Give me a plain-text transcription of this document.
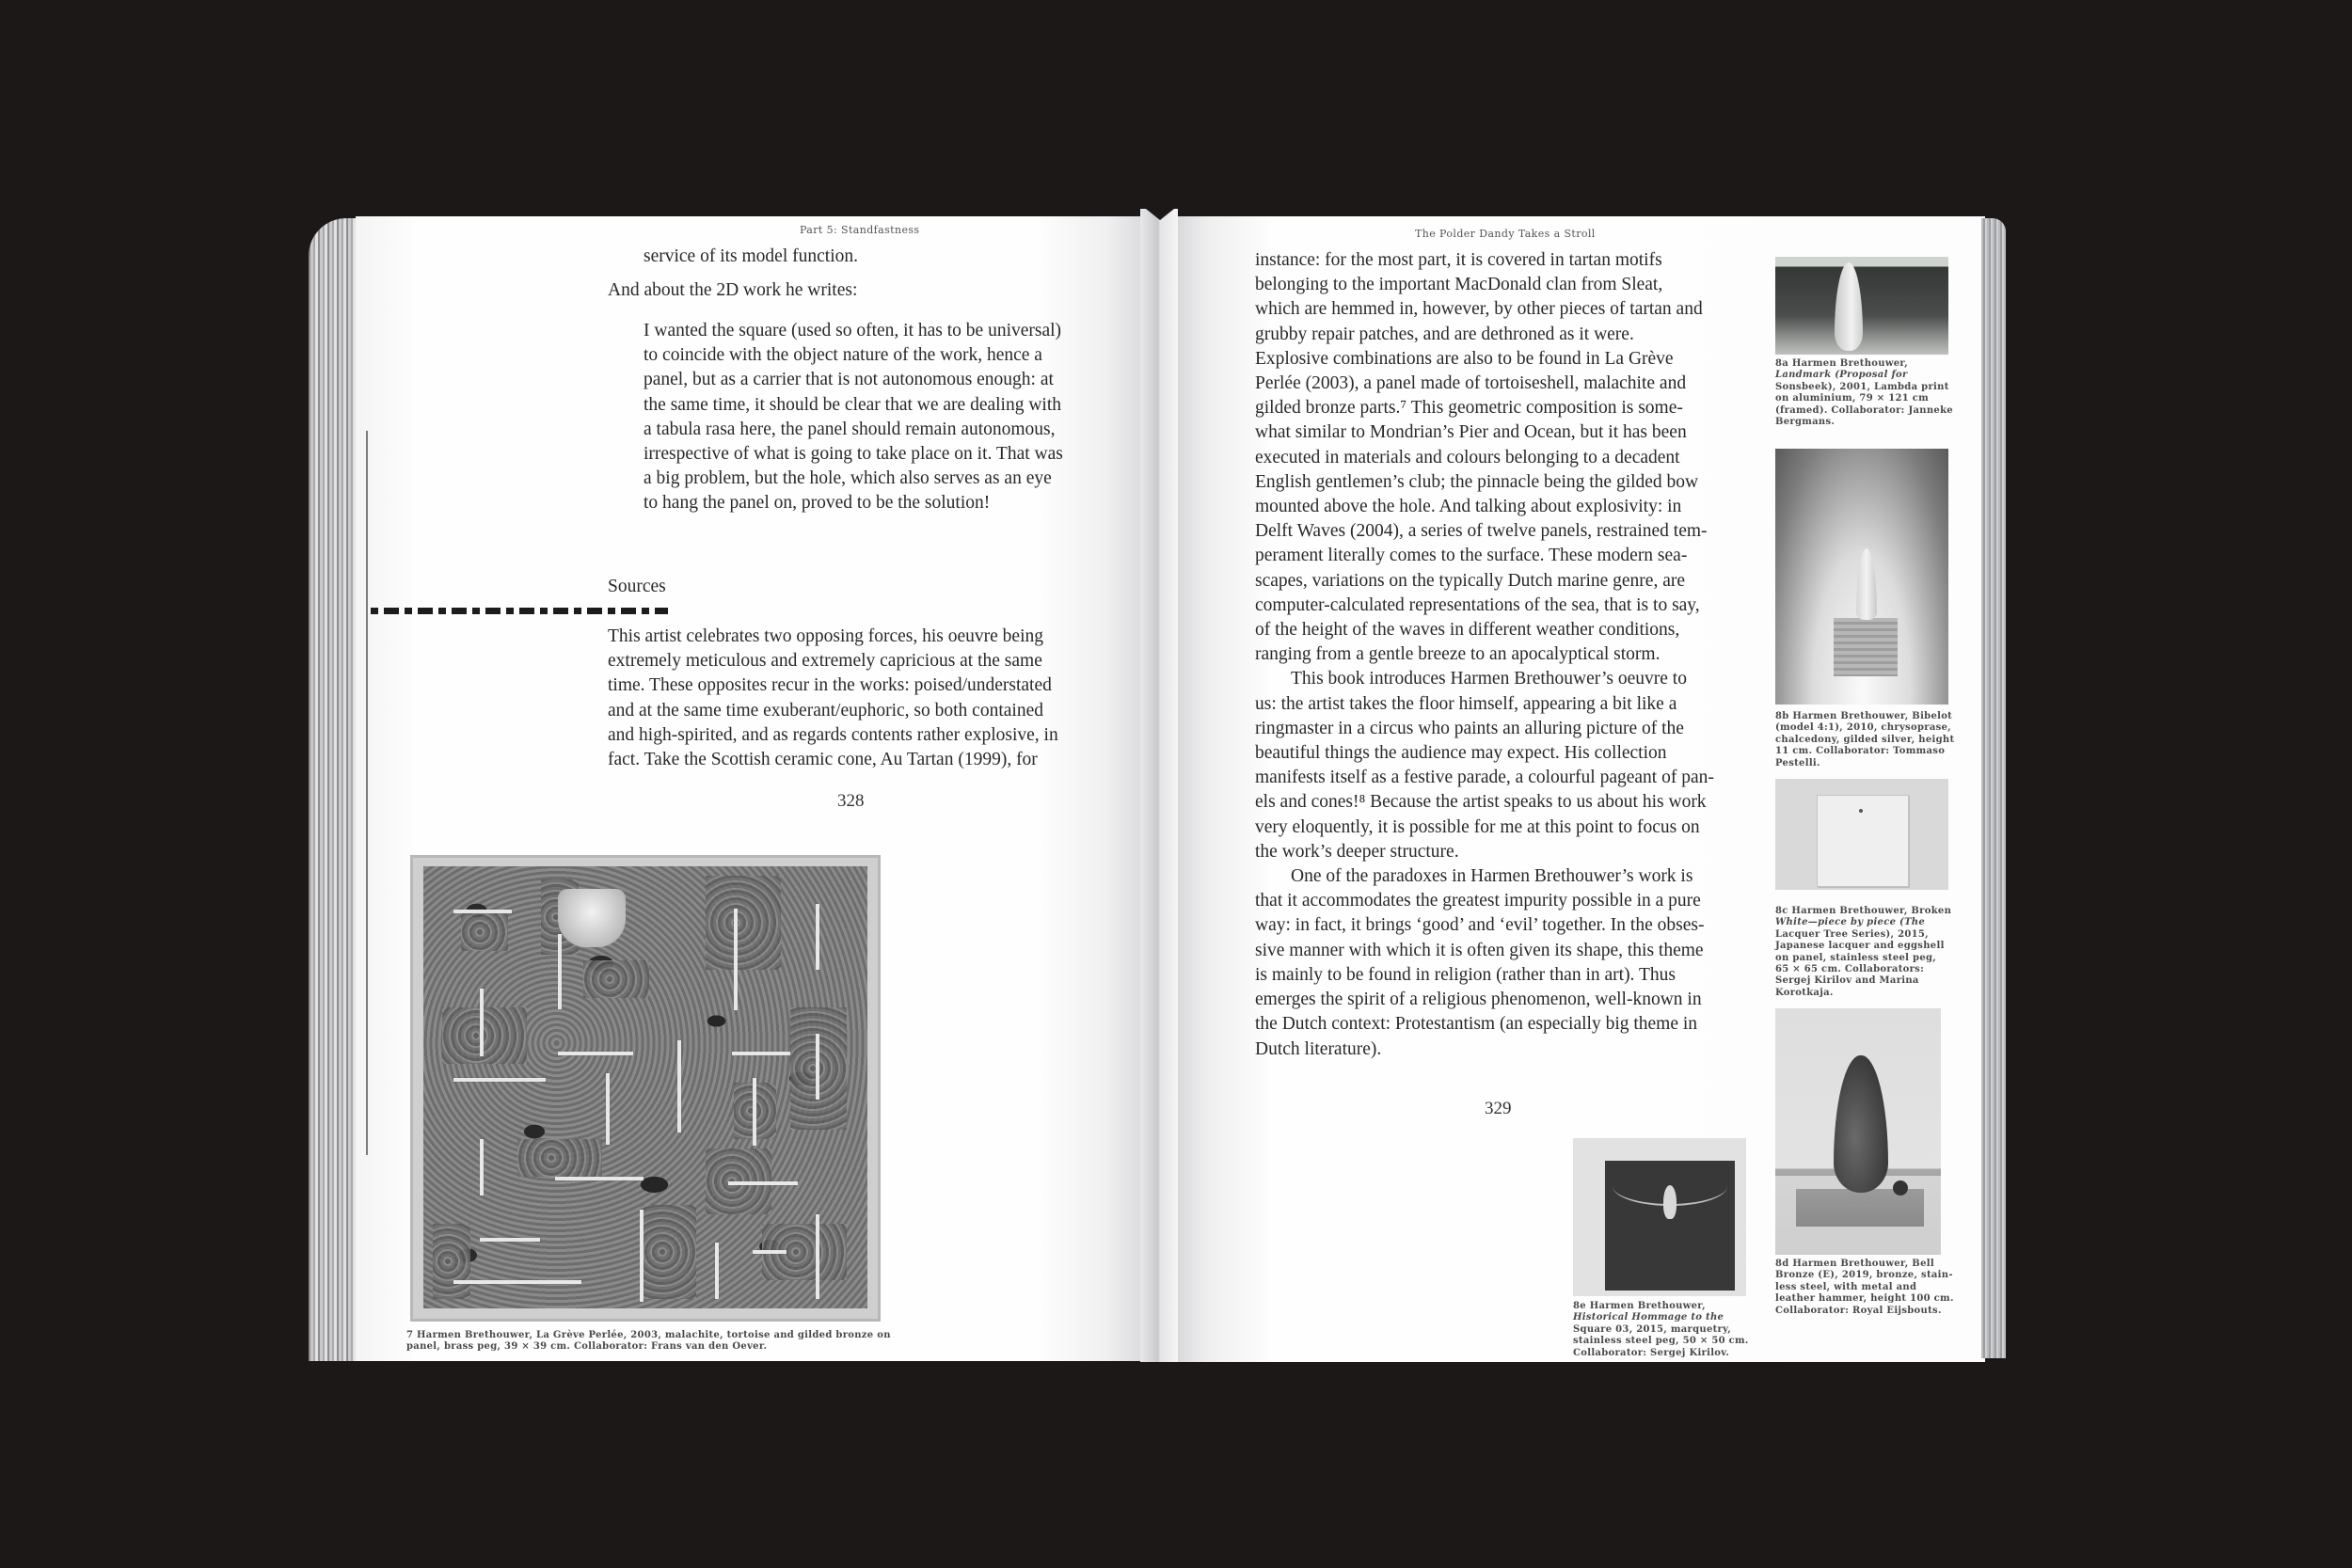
Part 5: Standfastness
service of its model function.
And about the 2D work he writes:

I wanted the square (used so often, it has to be universal)

to coincide with the object nature of the work, hence a

panel, but as a carrier that is not autonomous enough: at

the same time, it should be clear that we are dealing with

a tabula rasa here, the panel should remain autonomous,

irrespective of what is going to take place on it. That was

a big problem, but the hole, which also serves as an eye

to hang the panel on, proved to be the solution!

Sources

This artist celebrates two opposing forces, his oeuvre being

extremely meticulous and extremely capricious at the same

time. These opposites recur in the works: poised/understated

and at the same time exuberant/euphoric, so both contained

and high-spirited, and as regards contents rather explosive, in

fact. Take the Scottish ceramic cone, Au Tartan (1999), for

328
7 Harmen Brethouwer, La Grève Perlée, 2003, malachite, tortoise and gilded bronze on
panel, brass peg, 39 × 39 cm. Collaborator: Frans van den Oever.
The Polder Dandy Takes a Stroll

instance: for the most part, it is covered in tartan motifs

belonging to the important MacDonald clan from Sleat,

which are hemmed in, however, by other pieces of tartan and

grubby repair patches, and are dethroned as it were.

Explosive combinations are also to be found in La Grève

Perlée (2003), a panel made of tortoiseshell, malachite and

gilded bronze parts.⁷ This geometric composition is some-

what similar to Mondrian’s Pier and Ocean, but it has been

executed in materials and colours belonging to a decadent

English gentlemen’s club; the pinnacle being the gilded bow

mounted above the hole. And talking about explosivity: in

Delft Waves (2004), a series of twelve panels, restrained tem-

perament literally comes to the surface. These modern sea-

scapes, variations on the typically Dutch marine genre, are

computer-calculated representations of the sea, that is to say,

of the height of the waves in different weather conditions,

ranging from a gentle breeze to an apocalyptical storm.

This book introduces Harmen Brethouwer’s oeuvre to

us: the artist takes the floor himself, appearing a bit like a

ringmaster in a circus who paints an alluring picture of the

beautiful things the audience may expect. His collection

manifests itself as a festive parade, a colourful pageant of pan-

els and cones!⁸ Because the artist speaks to us about his work

very eloquently, it is possible for me at this point to focus on

the work’s deeper structure.

One of the paradoxes in Harmen Brethouwer’s work is

that it accommodates the greatest impurity possible in a pure

way: in fact, it brings ‘good’ and ‘evil’ together. In the obses-

sive manner with which it is often given its shape, this theme

is mainly to be found in religion (rather than in art). Thus

emerges the spirit of a religious phenomenon, well-known in

the Dutch context: Protestantism (an especially big theme in

Dutch literature).

329
8a Harmen Brethouwer,
Landmark (Proposal for
Sonsbeek), 2001, Lambda print
on aluminium, 79 × 121 cm
(framed). Collaborator: Janneke
Bergmans.
8b Harmen Brethouwer, Bibelot
(model 4:1), 2010, chrysoprase,
chalcedony, gilded silver, height
11 cm. Collaborator: Tommaso
Pestelli.
8c Harmen Brethouwer, Broken
White—piece by piece (The
Lacquer Tree Series), 2015,
Japanese lacquer and eggshell
on panel, stainless steel peg,
65 × 65 cm. Collaborators:
Sergej Kirilov and Marina
Korotkaja.
8d Harmen Brethouwer, Bell
Bronze (E), 2019, bronze, stain-
less steel, with metal and
leather hammer, height 100 cm.
Collaborator: Royal Eijsbouts.
8e Harmen Brethouwer,
Historical Hommage to the
Square 03, 2015, marquetry,
stainless steel peg, 50 × 50 cm.
Collaborator: Sergej Kirilov.
